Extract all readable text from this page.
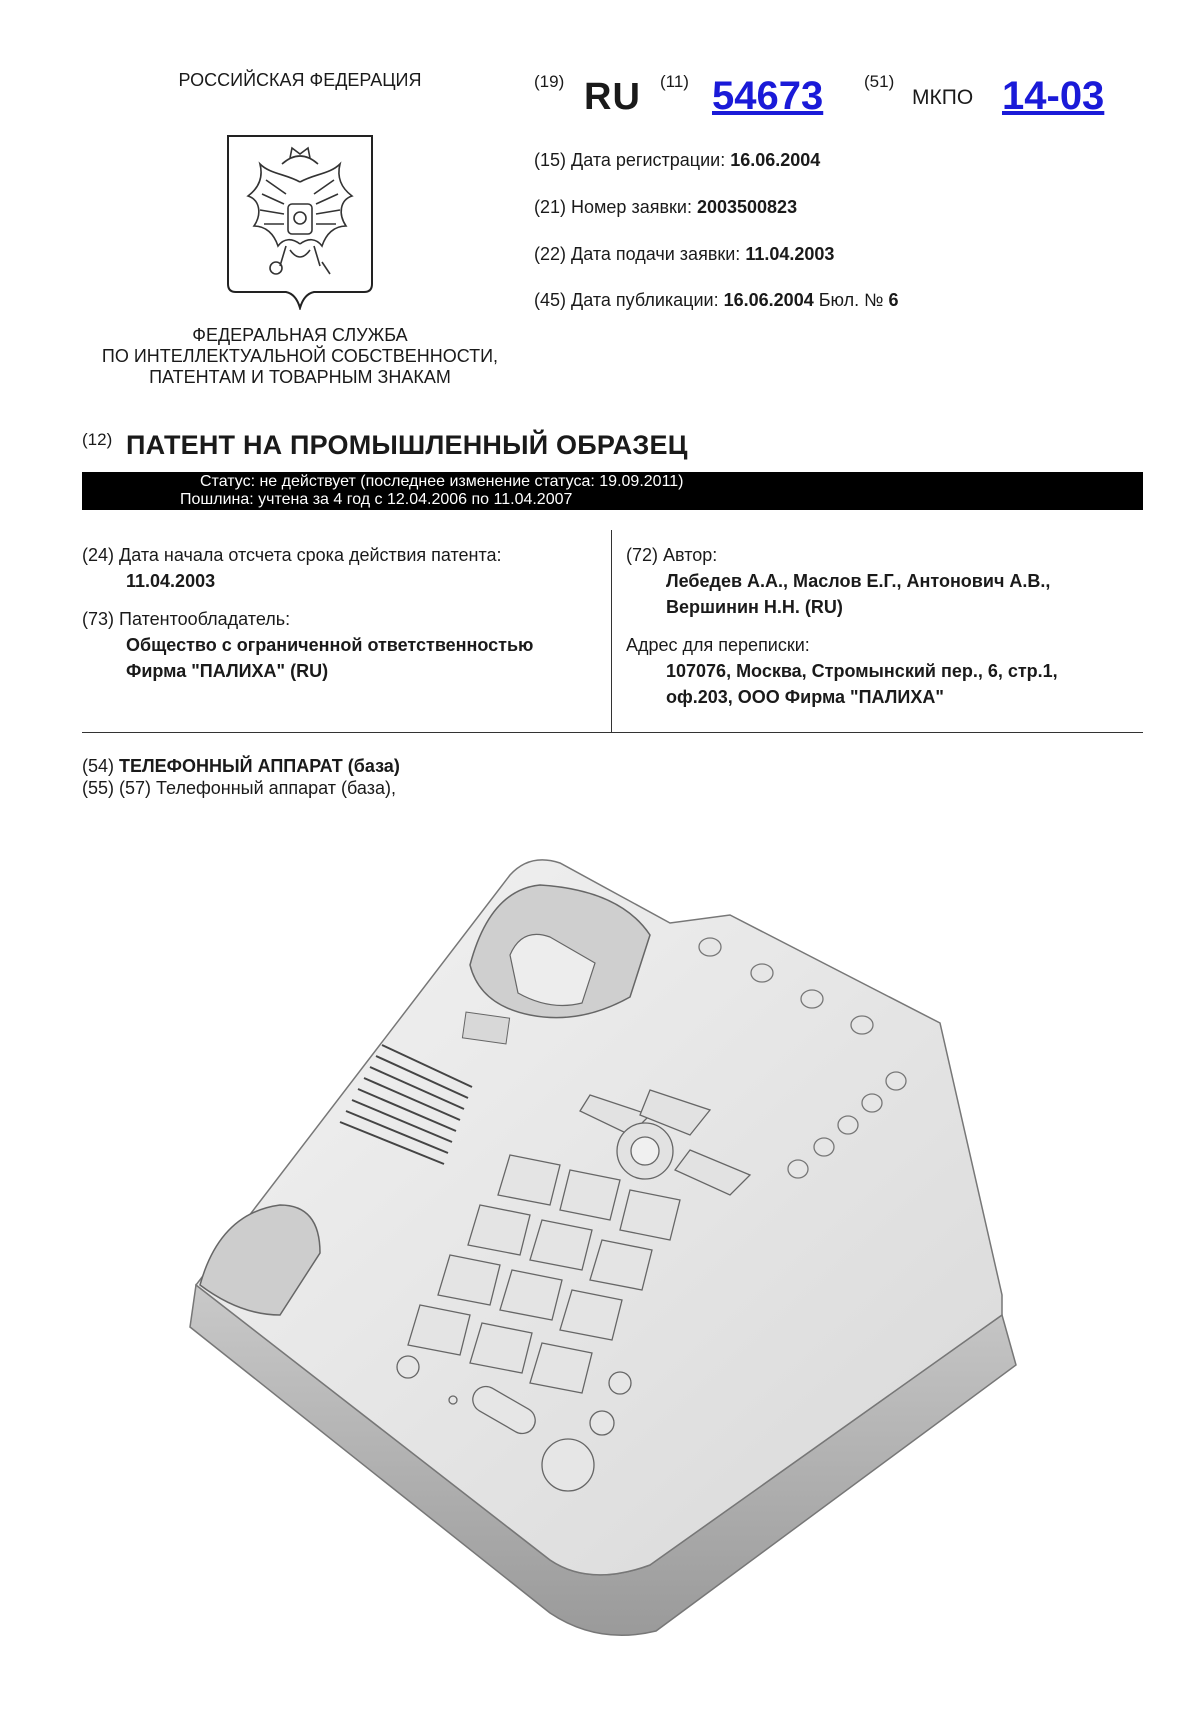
РОССИЙСКАЯ ФЕДЕРАЦИЯ
ФЕДЕРАЛЬНАЯ СЛУЖБА
ПО ИНТЕЛЛЕКТУАЛЬНОЙ СОБСТВЕННОСТИ,
ПАТЕНТАМ И ТОВАРНЫМ ЗНАКАМ
(19) RU (11) 54673 (51)
МКПО 14-03
(15) Дата регистрации: 16.06.2004
(21) Номер заявки: 2003500823
(22) Дата подачи заявки: 11.04.2003
(45) Дата публикации: 16.06.2004 Бюл. № 6
(12) ПАТЕНТ НА ПРОМЫШЛЕННЫЙ ОБРАЗЕЦ
Статус: не действует (последнее изменение статуса: 19.09.2011)
Пошлина: учтена за 4 год с 12.04.2006 по 11.04.2007
(24) Дата начала отсчета срока действия патента:
11.04.2003
(73) Патентообладатель:
Общество с ограниченной ответственностью
Фирма "ПАЛИХА" (RU)
(72) Автор:
Лебедев А.А., Маслов Е.Г., Антонович А.В.,
Вершинин Н.Н. (RU)
Адрес для переписки:
107076, Москва, Стромынский пер., 6, стр.1,
оф.203, ООО Фирма "ПАЛИХА"
(54) ТЕЛЕФОННЫЙ АППАРАТ (база)
(55) (57) Телефонный аппарат (база),
